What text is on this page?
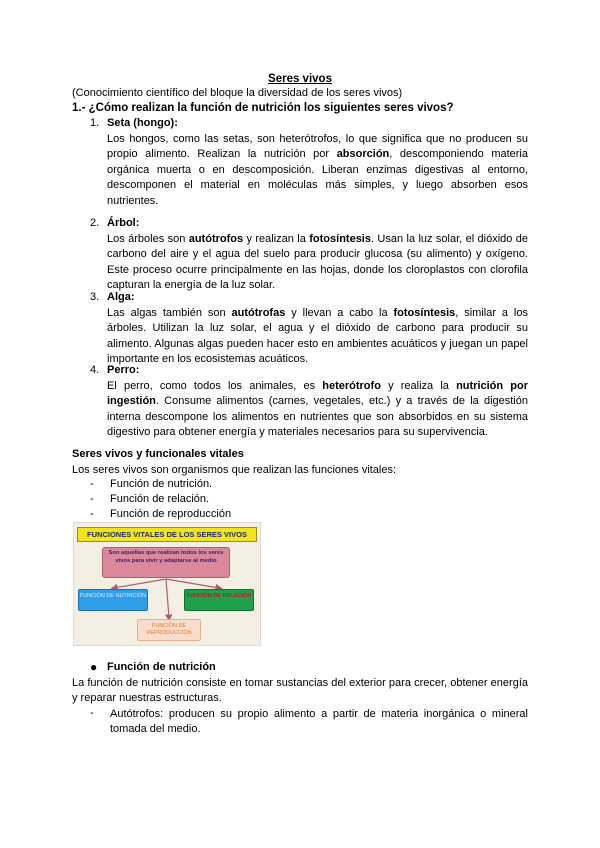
Seres vivos
(Conocimiento científico del bloque la diversidad de los seres vivos)
1.- ¿Cómo realizan la función de nutrición los siguientes seres vivos?
1. Seta (hongo):
Los hongos, como las setas, son heterótrofos, lo que significa que no producen su propio alimento. Realizan la nutrición por absorción, descomponiendo materia orgánica muerta o en descomposición. Liberan enzimas digestivas al entorno, descomponen el material en moléculas más simples, y luego absorben esos nutrientes.
2. Árbol:
Los árboles son autótrofos y realizan la fotosíntesis. Usan la luz solar, el dióxido de carbono del aire y el agua del suelo para producir glucosa (su alimento) y oxígeno. Este proceso ocurre principalmente en las hojas, donde los cloroplastos con clorofila capturan la energía de la luz solar.
3. Alga:
Las algas también son autótrofas y llevan a cabo la fotosíntesis, similar a los árboles. Utilizan la luz solar, el agua y el dióxido de carbono para producir su alimento. Algunas algas pueden hacer esto en ambientes acuáticos y juegan un papel importante en los ecosistemas acuáticos.
4. Perro:
El perro, como todos los animales, es heterótrofo y realiza la nutrición por ingestión. Consume alimentos (carnes, vegetales, etc.) y a través de la digestión interna descompone los alimentos en nutrientes que son absorbidos en su sistema digestivo para obtener energía y materiales necesarios para su supervivencia.
Seres vivos y funcionales vitales
Los seres vivos son organismos que realizan las funciones vitales:
- Función de nutrición.
- Función de relación.
- Función de reproducción
FUNCIONES VITALES DE LOS SERES VIVOS
Son aquellas que realizan todos los seres vivos para vivir y adaptarse al medio
FUNCIÓN DE NUTRICIÓN	FUNCIÓN DE RELACIÓN
FUNCIÓN DE REPRODUCCIÓN
● Función de nutrición
La función de nutrición consiste en tomar sustancias del exterior para crecer, obtener energía y reparar nuestras estructuras.
- Autótrofos: producen su propio alimento a partir de materia inorgánica o mineral tomada del medio.
